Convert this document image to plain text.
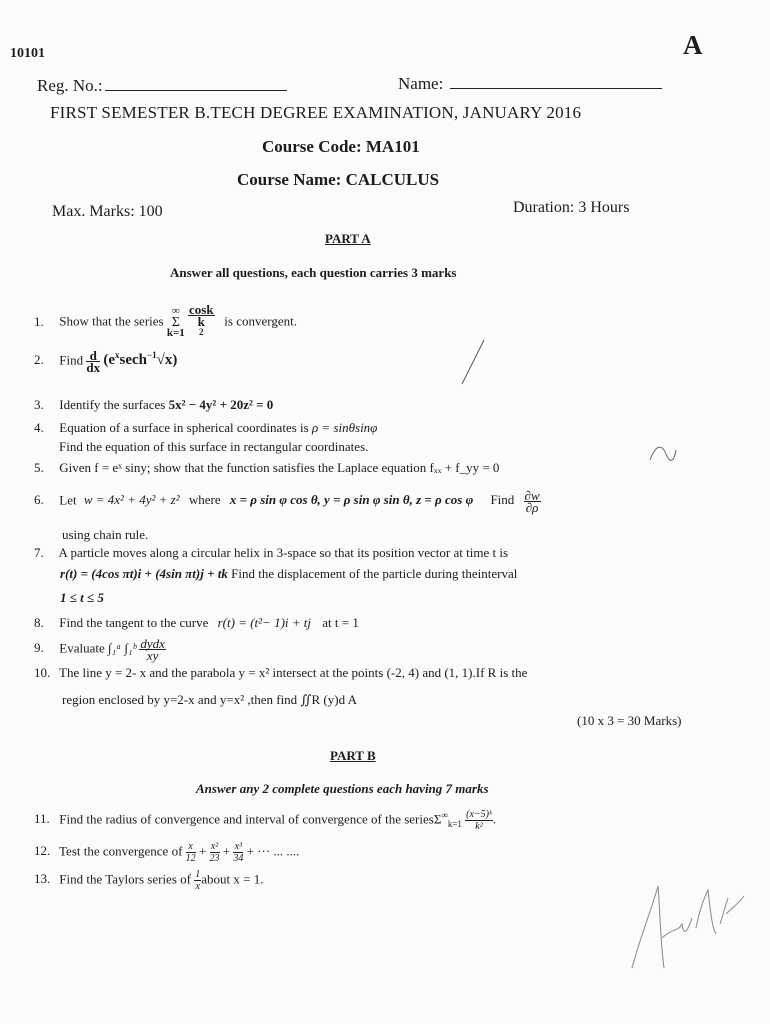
10101	A
Reg. No.:	Name:
FIRST SEMESTER B.TECH DEGREE EXAMINATION, JANUARY 2016
Course Code: MA101
Course Name: CALCULUS
Max. Marks: 100	Duration: 3 Hours
PART A
Answer all questions, each question carries 3 marks
1. Show that the series
∞
Σ
k=1
cosk
k
$^2$ is convergent.
2. Find $\frac{d}{dx} (e^x\sec h^{-1}√x)$
3. Identify the surfaces 5x² − 4y² + 20z² = 0
4. Equation of a surface in spherical coordinates is ρ = sinθsinφ
Find the equation of this surface in rectangular coordinates.
5. Given f = eˣ siny; show that the function satisfies the Laplace equation fₓₓ + f_yy = 0
6. Let w = 4x² + 4y² + z² where x = ρ sin φ cos θ, y = ρ sin φ sin θ, z = ρ cos φ Find $\frac{\partial w}{\partial\rho}$
using chain rule.
7. A particle moves along a circular helix in 3-space so that its position vector at time t is
r(t) = (4cos πt)i + (4sin πt)j + tk Find the displacement of the particle during theinterval
1 ≤ t ≤ 5
8. Find the tangent to the curve r(t) = (t²− 1)i + tj at t = 1
9. Evaluate ∫₁ᵃ ∫₁ᵇ $\frac{\text{dydx}}{xy}$
10. The line y = 2- x and the parabola y = x² intersect at the points (-2, 4) and (1, 1).If R is the
region enclosed by y=2-x and y=x² ,then find ∬R (y)d A
(10 x 3 = 30 Marks)
PART B
Answer any 2 complete questions each having 7 marks
11. Find the radius of convergence and interval of convergence of the seriesΣ∞$_{k=1}$ $\frac{\text{(x−5)ᵏ}}{\text{k²}}$ .
12. Test the convergence of $\frac{x}{12} + \frac{\text{x²}}{23} + \frac{\text{x³}}{34}$ + ··· ... ....
13. Find the Taylors series of $\frac{1}{x}$ about x = 1.
